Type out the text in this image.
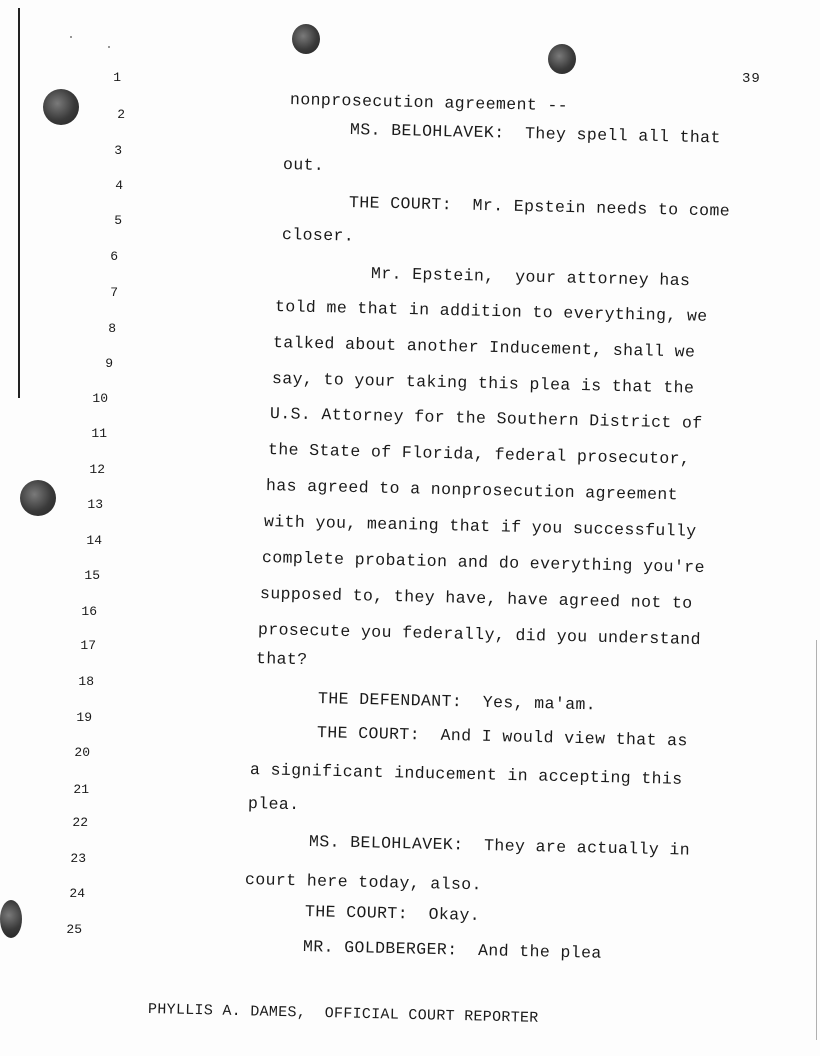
39
1
2
3
4
5
6
7
8
9
10
11
12
13
14
15
16
17
18
19
20
21
22
23
24
25
nonprosecution agreement --
MS. BELOHLAVEK:  They spell all that
out.
THE COURT:  Mr. Epstein needs to come
closer.
Mr. Epstein,  your attorney has
told me that in addition to everything, we
talked about another Inducement, shall we
say, to your taking this plea is that the
U.S. Attorney for the Southern District of
the State of Florida, federal prosecutor,
has agreed to a nonprosecution agreement
with you, meaning that if you successfully
complete probation and do everything you're
supposed to, they have, have agreed not to
prosecute you federally, did you understand
that?
THE DEFENDANT:  Yes, ma'am.
THE COURT:  And I would view that as
a significant inducement in accepting this
plea.
MS. BELOHLAVEK:  They are actually in
court here today, also.
THE COURT:  Okay.
MR. GOLDBERGER:  And the plea
PHYLLIS A. DAMES,  OFFICIAL COURT REPORTER
